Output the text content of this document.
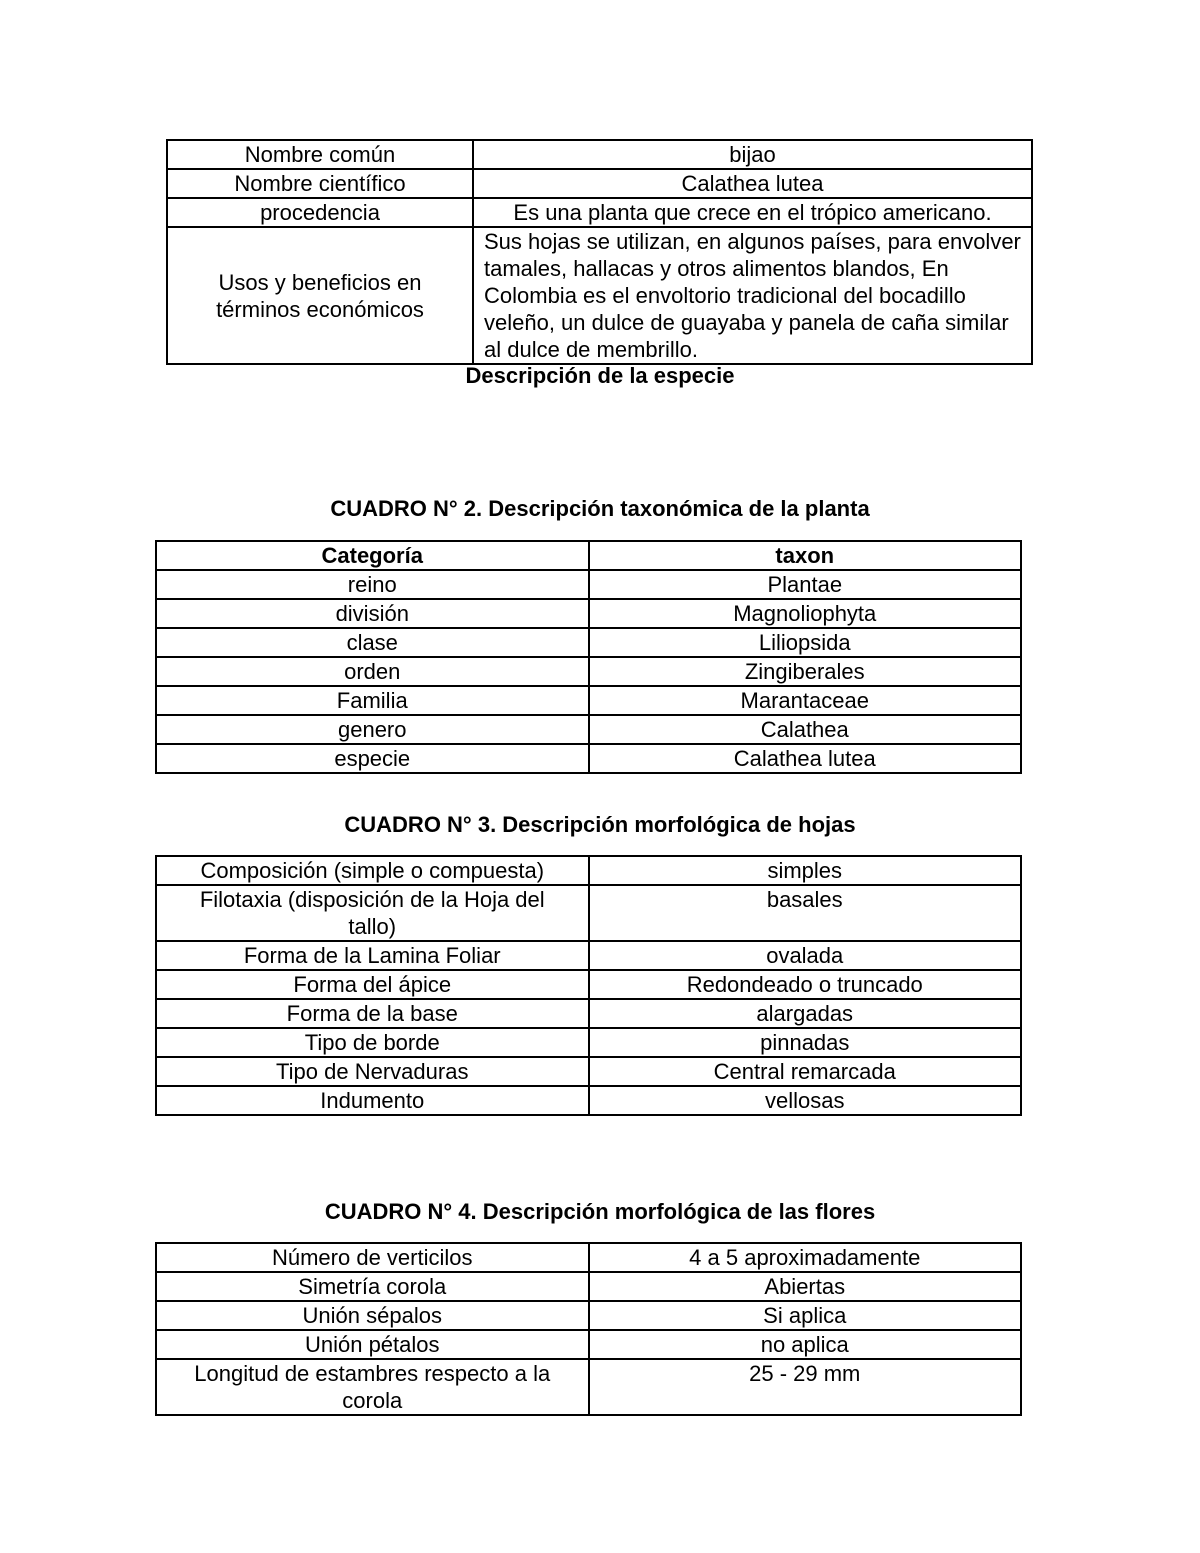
Nombre común	bijao
Nombre científico	Calathea lutea
procedencia	Es una planta que crece en el trópico americano.
Usos y beneficios en términos económicos	Sus hojas se utilizan, en algunos países, para envolver tamales, hallacas y otros alimentos blandos, En Colombia es el envoltorio tradicional del bocadillo veleño, un dulce de guayaba y panela de caña similar al dulce de membrillo.
Descripción de la especie
CUADRO N° 2. Descripción taxonómica de la planta
Categoría	taxon
reino	Plantae
división	Magnoliophyta
clase	Liliopsida
orden	Zingiberales
Familia	Marantaceae
genero	Calathea
especie	Calathea lutea
CUADRO N° 3. Descripción morfológica de hojas
Composición (simple o compuesta)	simples
Filotaxia (disposición de la Hoja del tallo)	basales
Forma de la Lamina Foliar	ovalada
Forma del ápice	Redondeado o truncado
Forma de la base	alargadas
Tipo de borde	pinnadas
Tipo de Nervaduras	Central remarcada
Indumento	vellosas
CUADRO N° 4. Descripción morfológica de las flores
Número de verticilos	4 a 5 aproximadamente
Simetría corola	Abiertas
Unión sépalos	Si aplica
Unión pétalos	no aplica
Longitud de estambres respecto a la corola	25 - 29 mm
